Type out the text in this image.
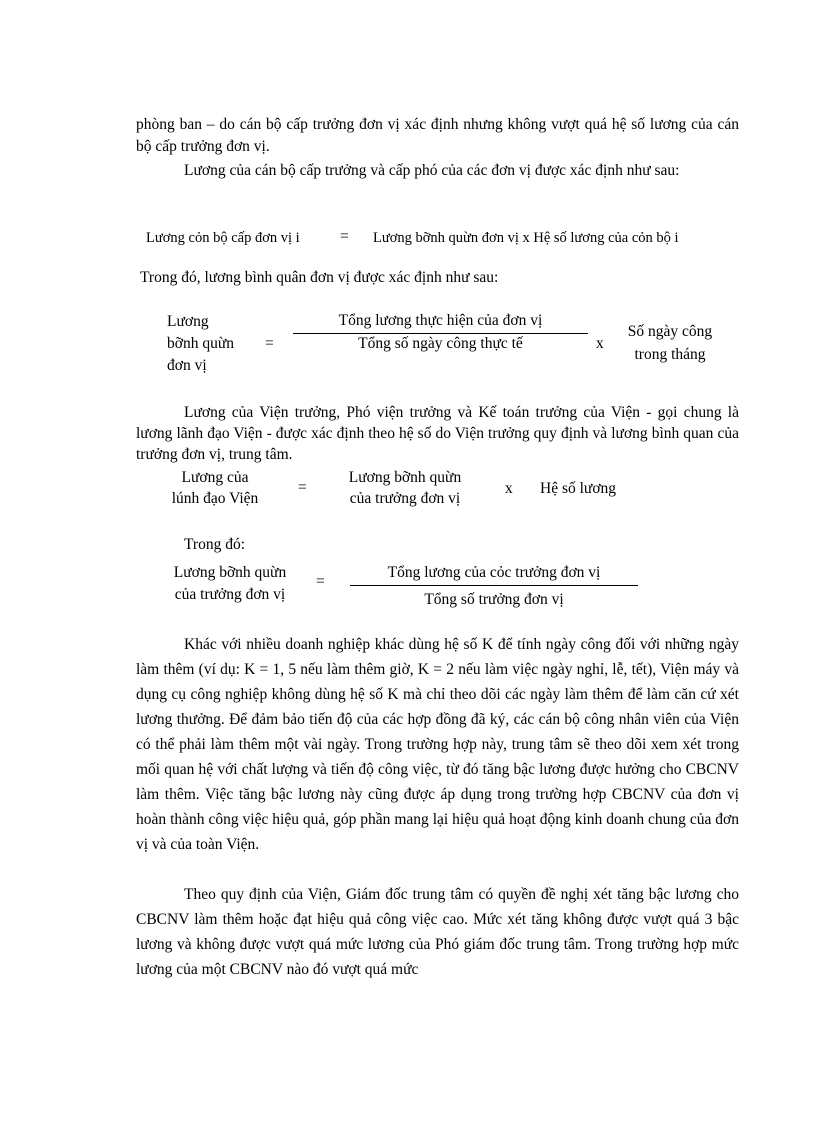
phòng ban – do cán bộ cấp trưởng đơn vị xác định nhưng không vượt quá hệ số lương của cán bộ cấp trưởng đơn vị.

Lương của cán bộ cấp trưởng và cấp phó của các đơn vị được xác định như sau:

Lương cỏn bộ cấp đơn vị i	= Lương bỡnh quừn đơn vị x Hệ số lương của cỏn bộ i

Trong đó, lương bình quân đơn vị được xác định như sau:

Lương
bỡnh quừn
đơn vị
=
Tổng lương thực hiện của đơn vị
Tổng số ngày công thực tế	x
Số ngày công
trong tháng

Lương của Viện trưởng, Phó viện trưởng và Kế toán trưởng của Viện - gọi chung là lương lãnh đạo Viện - được xác định theo hệ số do Viện trưởng quy định và lương bình quan của trưởng đơn vị, trung tâm.

Lương của
lúnh đạo Viện
=
Lương bỡnh quừn
của trưởng đơn vị
x Hệ số lương
Trong đó:
Lương bỡnh quừn
của trưởng đơn vị
=
Tổng lương của cỏc trưởng đơn vị
Tổng số trưởng đơn vị

Khác với nhiều doanh nghiệp khác dùng hệ số K để tính ngày công đối với những ngày làm thêm (ví dụ: K = 1, 5 nếu làm thêm giờ, K = 2 nếu làm việc ngày nghỉ, lễ, tết), Viện máy và dụng cụ công nghiệp không dùng hệ số K mà chỉ theo dõi các ngày làm thêm để làm căn cứ xét lương thưởng. Để đảm bảo tiến độ của các hợp đồng đã ký, các cán bộ công nhân viên của Viện có thể phải làm thêm một vài ngày. Trong trường hợp này, trung tâm sẽ theo dõi xem xét trong mối quan hệ với chất lượng và tiến độ công việc, từ đó tăng bậc lương được hưởng cho CBCNV làm thêm. Việc tăng bậc lương này cũng được áp dụng trong trường hợp CBCNV của đơn vị hoàn thành công việc hiệu quả, góp phần mang lại hiệu quả hoạt động kinh doanh chung của đơn vị và của toàn Viện.

Theo quy định của Viện, Giám đốc trung tâm có quyền đề nghị xét tăng bậc lương cho CBCNV làm thêm hoặc đạt hiệu quả công việc cao. Mức xét tăng không được vượt quá 3 bậc lương và không được vượt quá mức lương của Phó giám đốc trung tâm. Trong trường hợp mức lương của một CBCNV nào đó vượt quá mức
